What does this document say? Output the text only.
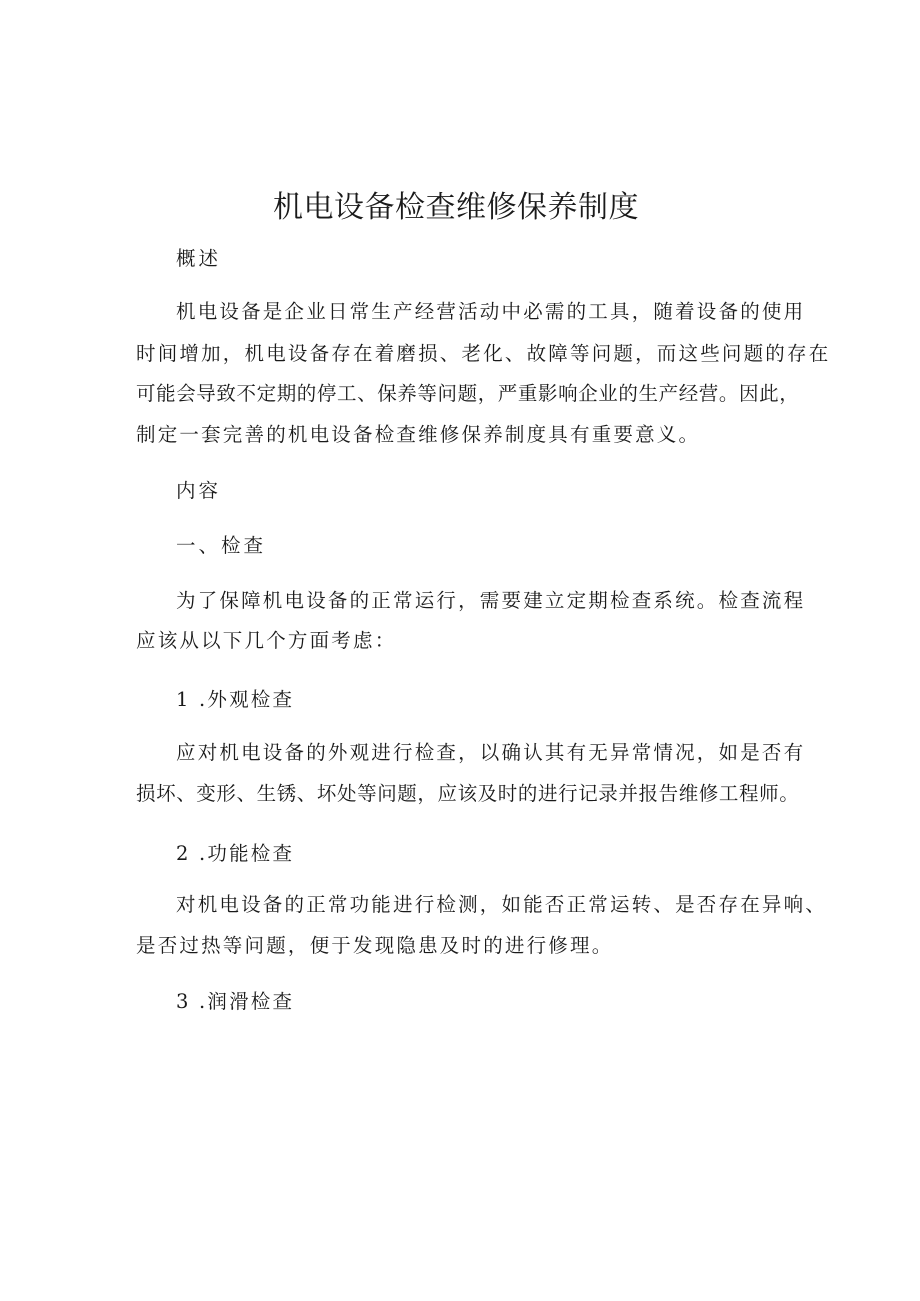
机电设备检查维修保养制度

概述

机电设备是企业日常生产经营活动中必需的工具，随着设备的使用

时间增加，机电设备存在着磨损、老化、故障等问题，而这些问题的存在

可能会导致不定期的停工、保养等问题，严重影响企业的生产经营。因此，

制定一套完善的机电设备检查维修保养制度具有重要意义。

内容

一、检查

为了保障机电设备的正常运行，需要建立定期检查系统。检查流程

应该从以下几个方面考虑：

1 .外观检查

应对机电设备的外观进行检查，以确认其有无异常情况，如是否有

损坏、变形、生锈、坏处等问题，应该及时的进行记录并报告维修工程师。

2 .功能检查

对机电设备的正常功能进行检测，如能否正常运转、是否存在异响、

是否过热等问题，便于发现隐患及时的进行修理。

3 .润滑检查
